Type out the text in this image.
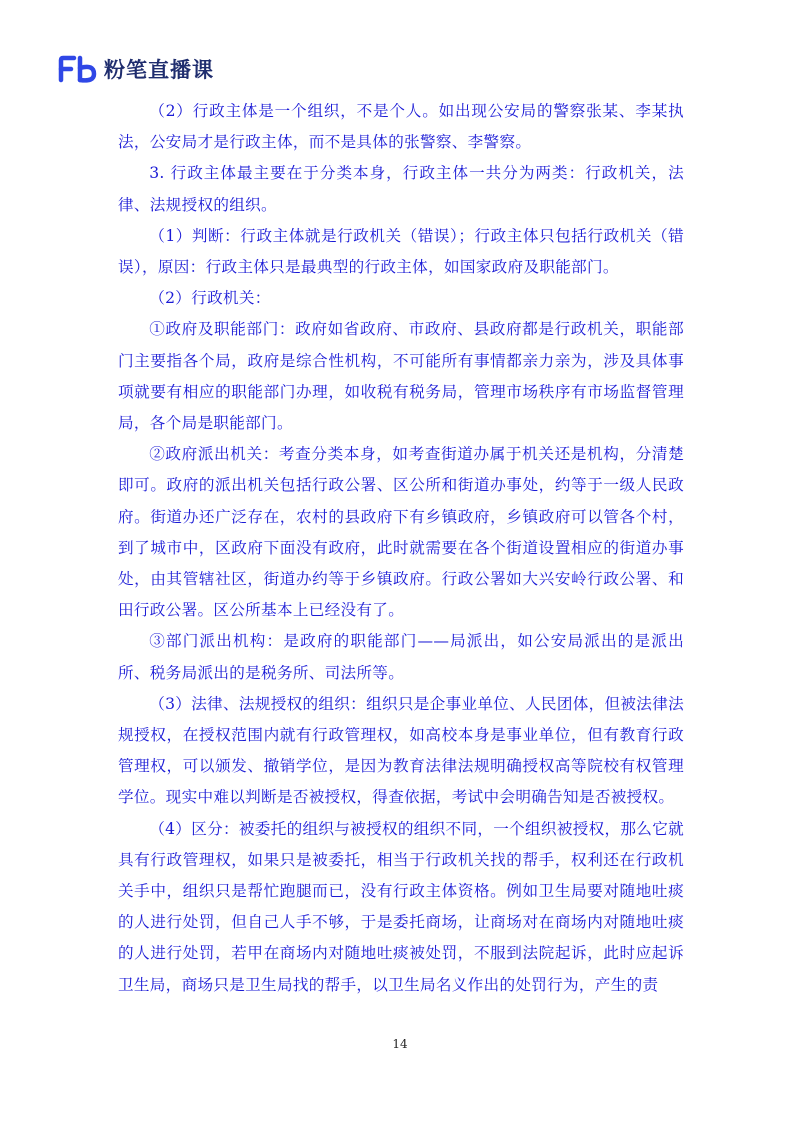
粉笔直播课

（2）行政主体是一个组织，不是个人。如出现公安局的警察张某、李某执法，公安局才是行政主体，而不是具体的张警察、李警察。

3. 行政主体最主要在于分类本身，行政主体一共分为两类：行政机关，法律、法规授权的组织。

（1）判断：行政主体就是行政机关（错误）；行政主体只包括行政机关（错误），原因：行政主体只是最典型的行政主体，如国家政府及职能部门。

（2）行政机关：

①政府及职能部门：政府如省政府、市政府、县政府都是行政机关，职能部门主要指各个局，政府是综合性机构，不可能所有事情都亲力亲为，涉及具体事项就要有相应的职能部门办理，如收税有税务局，管理市场秩序有市场监督管理局，各个局是职能部门。

②政府派出机关：考查分类本身，如考查街道办属于机关还是机构，分清楚即可。政府的派出机关包括行政公署、区公所和街道办事处，约等于一级人民政府。街道办还广泛存在，农村的县政府下有乡镇政府，乡镇政府可以管各个村，到了城市中，区政府下面没有政府，此时就需要在各个街道设置相应的街道办事处，由其管辖社区，街道办约等于乡镇政府。行政公署如大兴安岭行政公署、和田行政公署。区公所基本上已经没有了。

③部门派出机构：是政府的职能部门——局派出，如公安局派出的是派出所、税务局派出的是税务所、司法所等。

（3）法律、法规授权的组织：组织只是企事业单位、人民团体，但被法律法规授权，在授权范围内就有行政管理权，如高校本身是事业单位，但有教育行政管理权，可以颁发、撤销学位，是因为教育法律法规明确授权高等院校有权管理学位。现实中难以判断是否被授权，得查依据，考试中会明确告知是否被授权。

（4）区分：被委托的组织与被授权的组织不同，一个组织被授权，那么它就具有行政管理权，如果只是被委托，相当于行政机关找的帮手，权利还在行政机关手中，组织只是帮忙跑腿而已，没有行政主体资格。例如卫生局要对随地吐痰的人进行处罚，但自己人手不够，于是委托商场，让商场对在商场内对随地吐痰的人进行处罚，若甲在商场内对随地吐痰被处罚，不服到法院起诉，此时应起诉卫生局，商场只是卫生局找的帮手，以卫生局名义作出的处罚行为，产生的责

14
